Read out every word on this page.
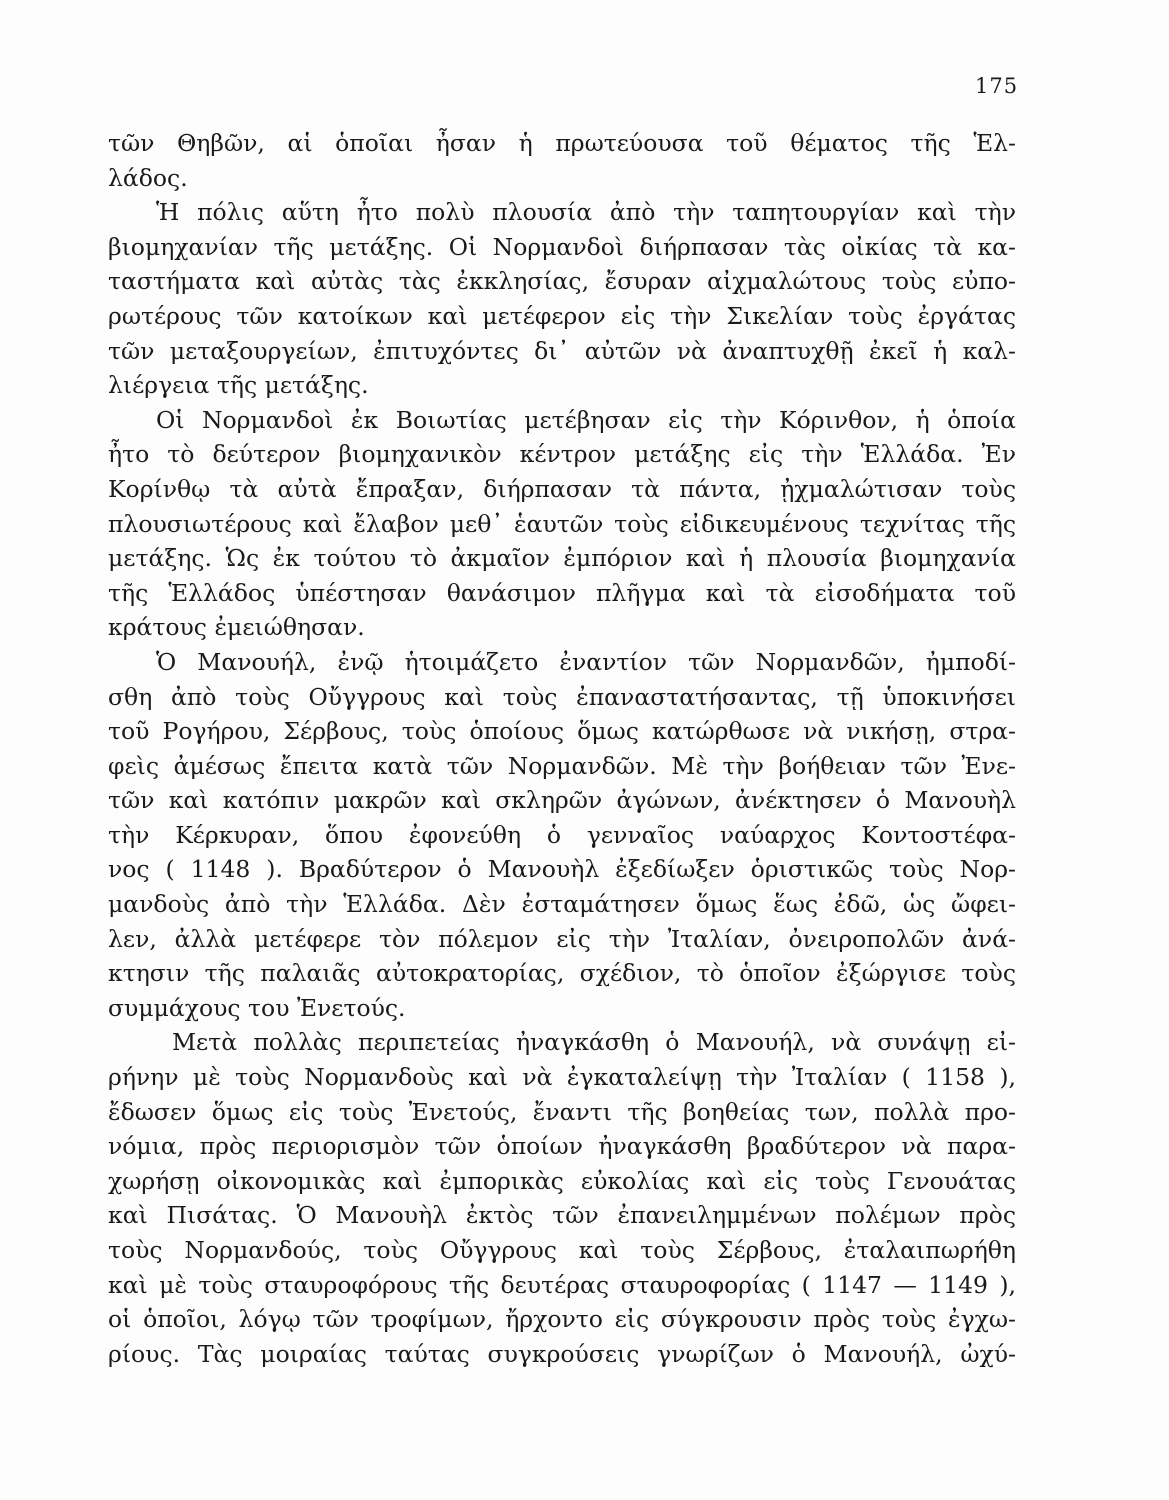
175
τῶν Θηβῶν, αἱ ὁποῖαι ἦσαν ἡ πρωτεύουσα τοῦ θέματος τῆς Ἑλ-
λάδος.
Ἡ πόλις αὕτη ἦτο πολὺ πλουσία ἀπὸ τὴν ταπητουργίαν καὶ τὴν
βιομηχανίαν τῆς μετάξης. Οἱ Νορμανδοὶ διήρπασαν τὰς οἰκίας τὰ κα-
ταστήματα καὶ αὐτὰς τὰς ἐκκλησίας, ἔσυραν αἰχμαλώτους τοὺς εὐπο-
ρωτέρους τῶν κατοίκων καὶ μετέφερον εἰς τὴν Σικελίαν τοὺς ἐργάτας
τῶν μεταξουργείων, ἐπιτυχόντες δι᾽ αὐτῶν νὰ ἀναπτυχθῇ ἐκεῖ ἡ καλ-
λιέργεια τῆς μετάξης.
Οἱ Νορμανδοὶ ἐκ Βοιωτίας μετέβησαν εἰς τὴν Κόρινθον, ἡ ὁποία
ἦτο τὸ δεύτερον βιομηχανικὸν κέντρον μετάξης εἰς τὴν Ἑλλάδα. Ἐν
Κορίνθῳ τὰ αὐτὰ ἔπραξαν, διήρπασαν τὰ πάντα, ᾐχμαλώτισαν τοὺς
πλουσιωτέρους καὶ ἔλαβον μεθ᾽ ἑαυτῶν τοὺς εἰδικευμένους τεχνίτας τῆς
μετάξης. Ὡς ἐκ τούτου τὸ ἀκμαῖον ἐμπόριον καὶ ἡ πλουσία βιομηχανία
τῆς Ἑλλάδος ὑπέστησαν θανάσιμον πλῆγμα καὶ τὰ εἰσοδήματα τοῦ
κράτους ἐμειώθησαν.
Ὁ Μανουήλ, ἐνῷ ἡτοιμάζετο ἐναντίον τῶν Νορμανδῶν, ἠμποδί-
σθη ἀπὸ τοὺς Οὔγγρους καὶ τοὺς ἐπαναστατήσαντας, τῇ ὑποκινήσει
τοῦ Ρογήρου, Σέρβους, τοὺς ὁποίους ὅμως κατώρθωσε νὰ νικήσῃ, στρα-
φεὶς ἀμέσως ἔπειτα κατὰ τῶν Νορμανδῶν. Μὲ τὴν βοήθειαν τῶν Ἐνε-
τῶν καὶ κατόπιν μακρῶν καὶ σκληρῶν ἀγώνων, ἀνέκτησεν ὁ Μανουὴλ
τὴν Κέρκυραν, ὅπου ἐφονεύθη ὁ γενναῖος ναύαρχος Κοντοστέφα-
νος ( 1148 ). Βραδύτερον ὁ Μανουὴλ ἐξεδίωξεν ὁριστικῶς τοὺς Νορ-
μανδοὺς ἀπὸ τὴν Ἑλλάδα. Δὲν ἐσταμάτησεν ὅμως ἕως ἐδῶ, ὡς ὤφει-
λεν, ἀλλὰ μετέφερε τὸν πόλεμον εἰς τὴν Ἰταλίαν, ὀνειροπολῶν ἀνά-
κτησιν τῆς παλαιᾶς αὐτοκρατορίας, σχέδιον, τὸ ὁποῖον ἐξώργισε τοὺς
συμμάχους του Ἐνετούς.
Μετὰ πολλὰς περιπετείας ἠναγκάσθη ὁ Μανουήλ, νὰ συνάψῃ εἰ-
ρήνην μὲ τοὺς Νορμανδοὺς καὶ νὰ ἐγκαταλείψῃ τὴν Ἰταλίαν ( 1158 ),
ἔδωσεν ὅμως εἰς τοὺς Ἐνετούς, ἔναντι τῆς βοηθείας των, πολλὰ προ-
νόμια, πρὸς περιορισμὸν τῶν ὁποίων ἠναγκάσθη βραδύτερον νὰ παρα-
χωρήσῃ οἰκονομικὰς καὶ ἐμπορικὰς εὐκολίας καὶ εἰς τοὺς Γενουάτας
καὶ Πισάτας. Ὁ Μανουὴλ ἐκτὸς τῶν ἐπανειλημμένων πολέμων πρὸς
τοὺς Νορμανδούς, τοὺς Οὔγγρους καὶ τοὺς Σέρβους, ἐταλαιπωρήθη
καὶ μὲ τοὺς σταυροφόρους τῆς δευτέρας σταυροφορίας ( 1147 — 1149 ),
οἱ ὁποῖοι, λόγῳ τῶν τροφίμων, ἤρχοντο εἰς σύγκρουσιν πρὸς τοὺς ἐγχω-
ρίους. Τὰς μοιραίας ταύτας συγκρούσεις γνωρίζων ὁ Μανουήλ, ὠχύ-
